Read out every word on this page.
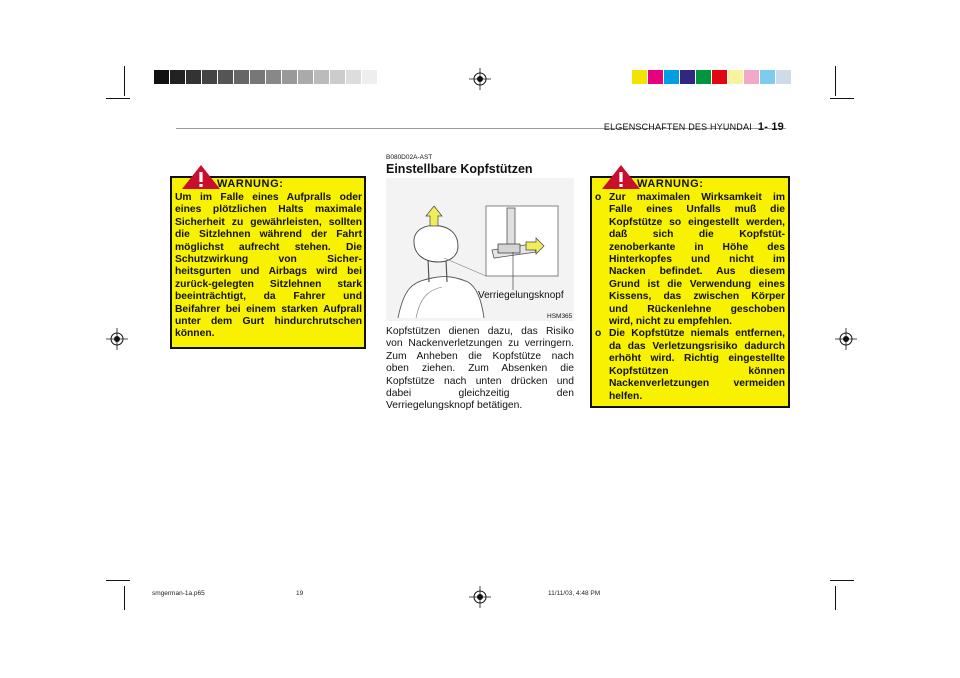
ELGENSCHAFTEN DES HYUNDAI 1- 19
WARNUNG:
Um im Falle eines Aufpralls oder
eines plötzlichen Halts maximale
Sicherheit zu gewährleisten, sollten
die Sitzlehnen während der Fahrt
möglichst aufrecht stehen. Die
Schutzwirkung von Sicher-
heitsgurten und Airbags wird bei
zurück-gelegten Sitzlehnen stark
beeinträchtigt, da Fahrer und
Beifahrer bei einem starken Aufprall
unter dem Gurt hindurchrutschen
können.
B080D02A-AST
Einstellbare Kopfstützen
Verriegelungsknopf
HSM365
Kopfstützen dienen dazu, das Risiko
von Nackenverletzungen zu verringern.
Zum Anheben die Kopfstütze nach
oben ziehen. Zum Absenken die
Kopfstütze nach unten drücken und
dabei gleichzeitig den
Verriegelungsknopf betätigen.
WARNUNG:
o Zur maximalen Wirksamkeit im
Falle eines Unfalls muß die
Kopfstütze so eingestellt werden,
daß sich die Kopfstüt-
zenoberkante in Höhe des
Hinterkopfes und nicht im
Nacken befindet. Aus diesem
Grund ist die Verwendung eines
Kissens, das zwischen Körper
und Rückenlehne geschoben
wird, nicht zu empfehlen.
o Die Kopfstütze niemals entfernen,
da das Verletzungsrisiko dadurch
erhöht wird. Richtig eingestellte
Kopfstützen können
Nackenverletzungen vermeiden
helfen.
smgerman-1a.p65	19	11/11/03, 4:48 PM
